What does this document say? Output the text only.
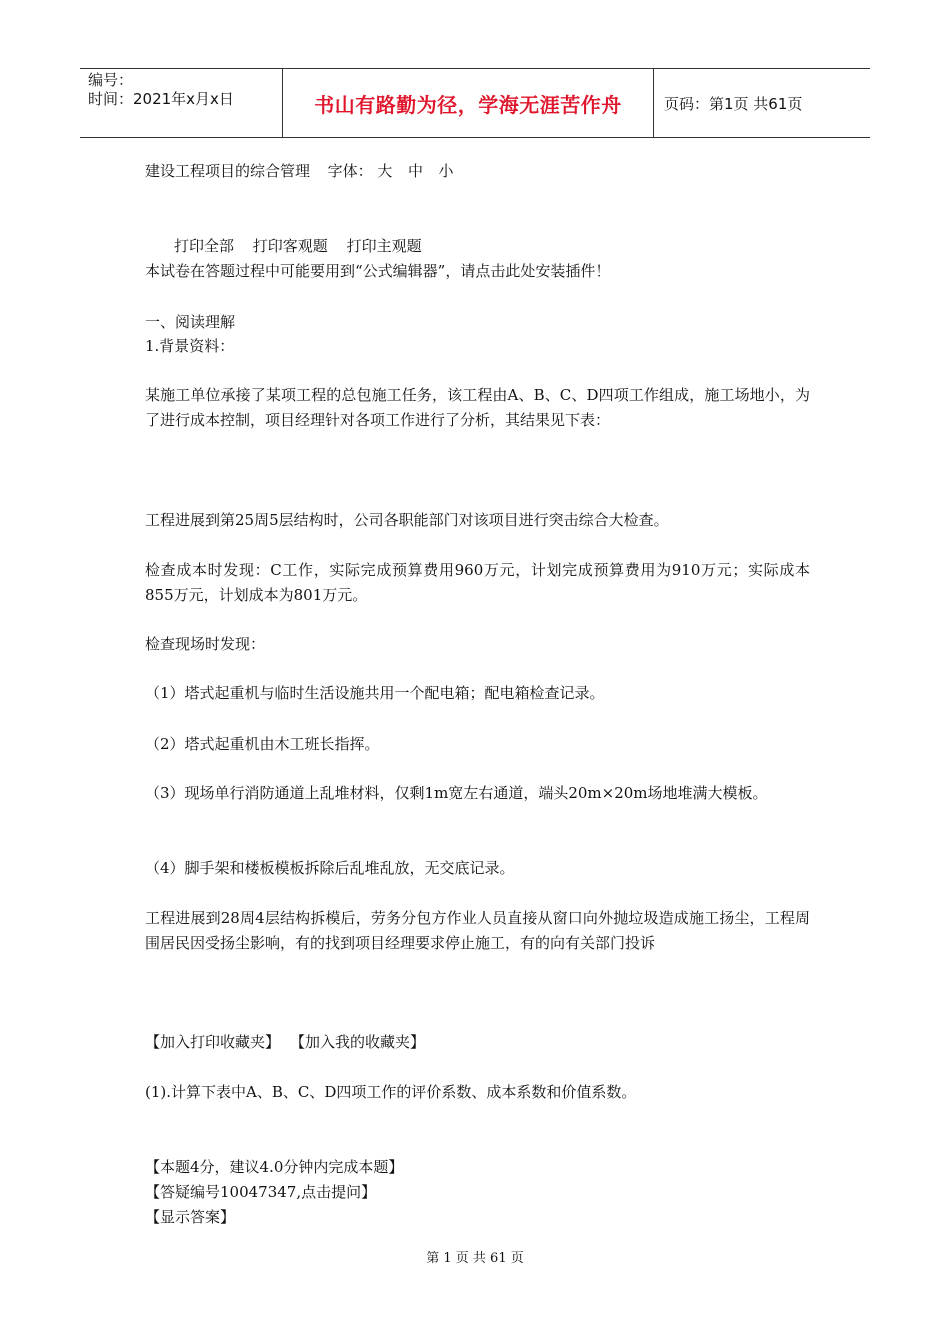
编号：
时间：2021年x月x日	书山有路勤为径，学海无涯苦作舟	页码：第1页 共61页
建设工程项目的综合管理 字体： 大 中 小
打印全部 打印客观题 打印主观题
本试卷在答题过程中可能要用到“公式编辑器”，请点击此处安装插件！
一、阅读理解
1.背景资料：
某施工单位承接了某项工程的总包施工任务，该工程由A、B、C、D四项工作组成，施工场地小，为了进行成本控制，项目经理针对各项工作进行了分析，其结果见下表：
工程进展到第25周5层结构时，公司各职能部门对该项目进行突击综合大检查。
检查成本时发现：C工作，实际完成预算费用960万元，计划完成预算费用为910万元；实际成本855万元，计划成本为801万元。
检查现场时发现：
（1）塔式起重机与临时生活设施共用一个配电箱；配电箱检查记录。
（2）塔式起重机由木工班长指挥。
（3）现场单行消防通道上乱堆材料，仅剩1m宽左右通道，端头20m×20m场地堆满大模板。
（4）脚手架和楼板模板拆除后乱堆乱放，无交底记录。
工程进展到28周4层结构拆模后，劳务分包方作业人员直接从窗口向外抛垃圾造成施工扬尘，工程周围居民因受扬尘影响，有的找到项目经理要求停止施工，有的向有关部门投诉
【加入打印收藏夹】 【加入我的收藏夹】
(1).计算下表中A、B、C、D四项工作的评价系数、成本系数和价值系数。
【本题4分，建议4.0分钟内完成本题】
【答疑编号10047347,点击提问】
【显示答案】
第 1 页 共 61 页
